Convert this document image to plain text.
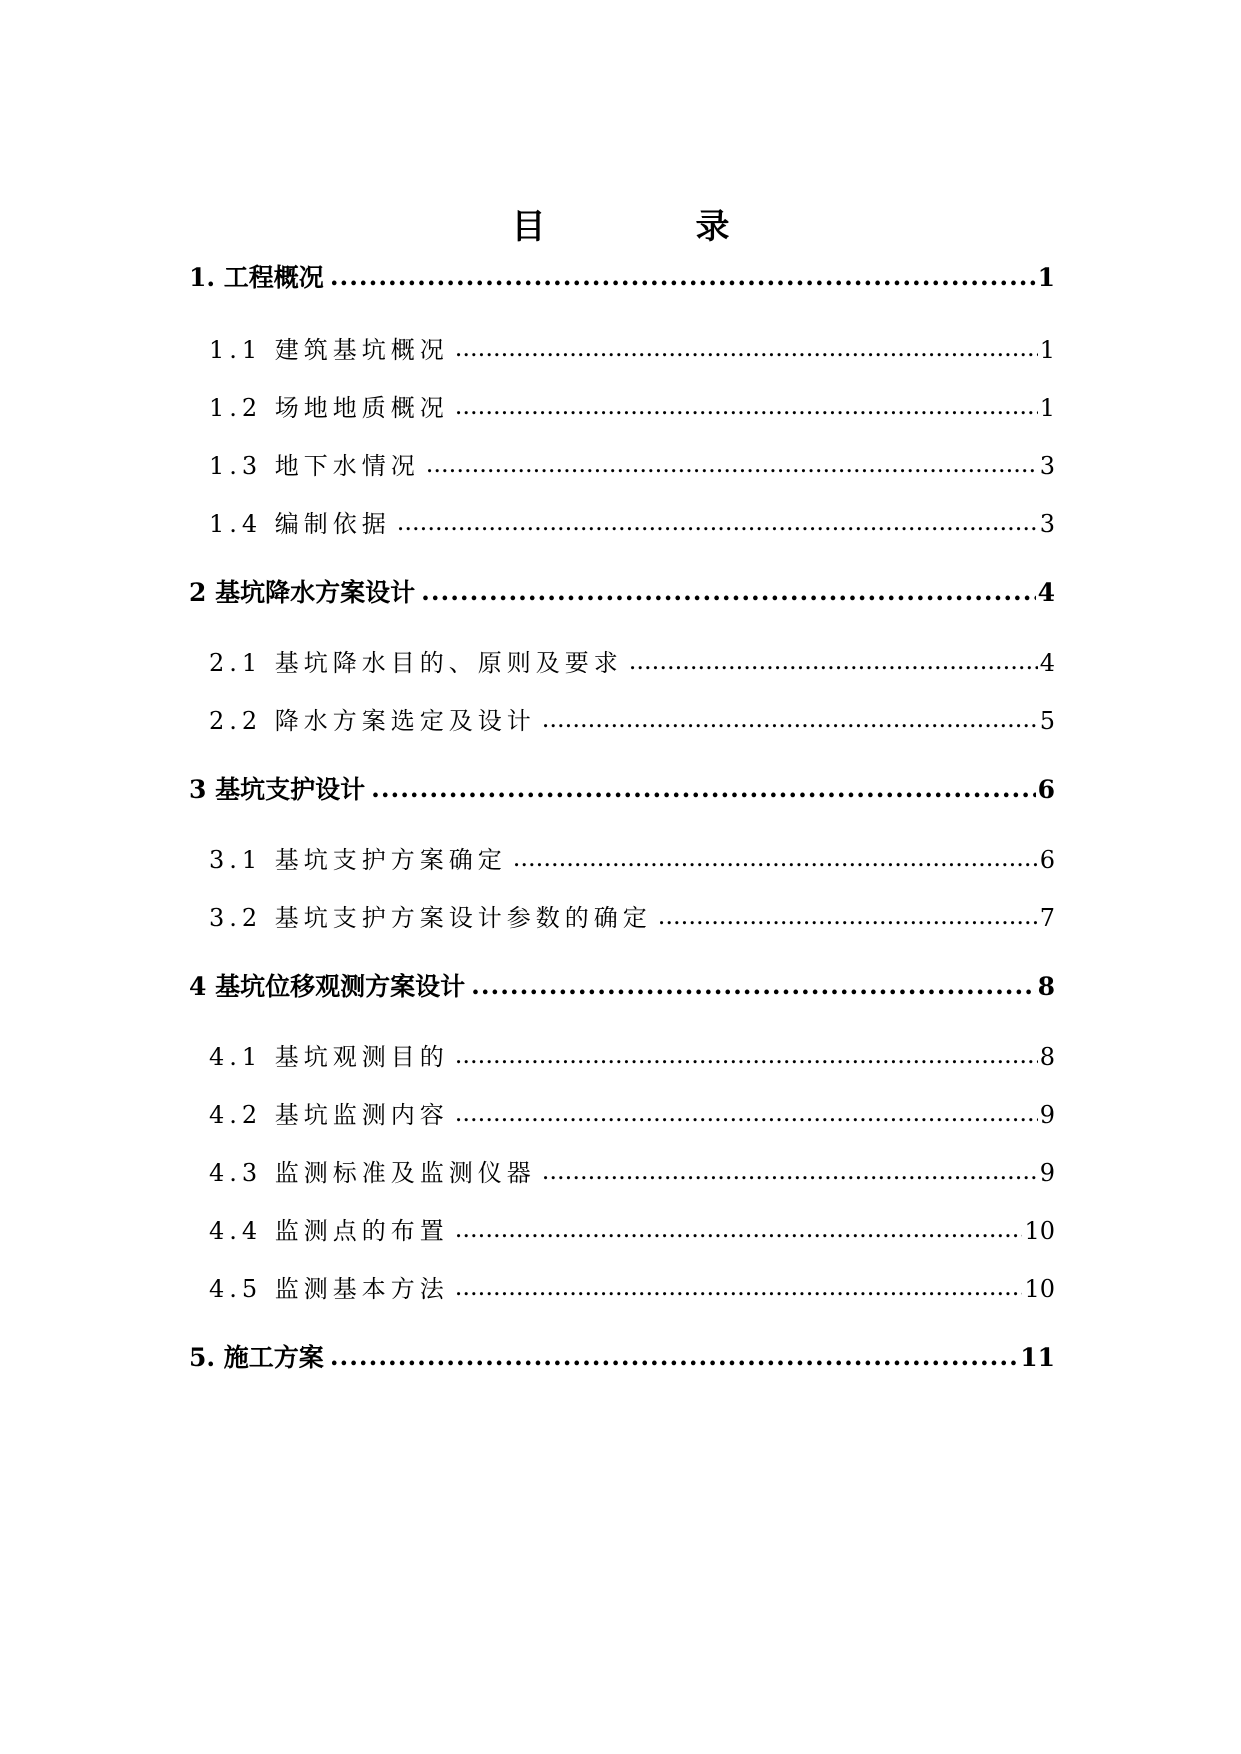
目　录
1. 工程概况 .....	1
1.1 建筑基坑概况 .....	1
1.2 场地地质概况 .....	1
1.3 地下水情况 .....	3
1.4 编制依据 .....	3
2 基坑降水方案设计 .....	4
2.1 基坑降水目的、原则及要求 .....	4
2.2 降水方案选定及设计 .....	5
3 基坑支护设计 .....	6
3.1 基坑支护方案确定 .....	6
3.2 基坑支护方案设计参数的确定 .....	7
4 基坑位移观测方案设计 .....	8
4.1 基坑观测目的 .....	8
4.2 基坑监测内容 .....	9
4.3 监测标准及监测仪器 .....	9
4.4 监测点的布置 .....	10
4.5 监测基本方法 .....	10
5. 施工方案 .....	11
